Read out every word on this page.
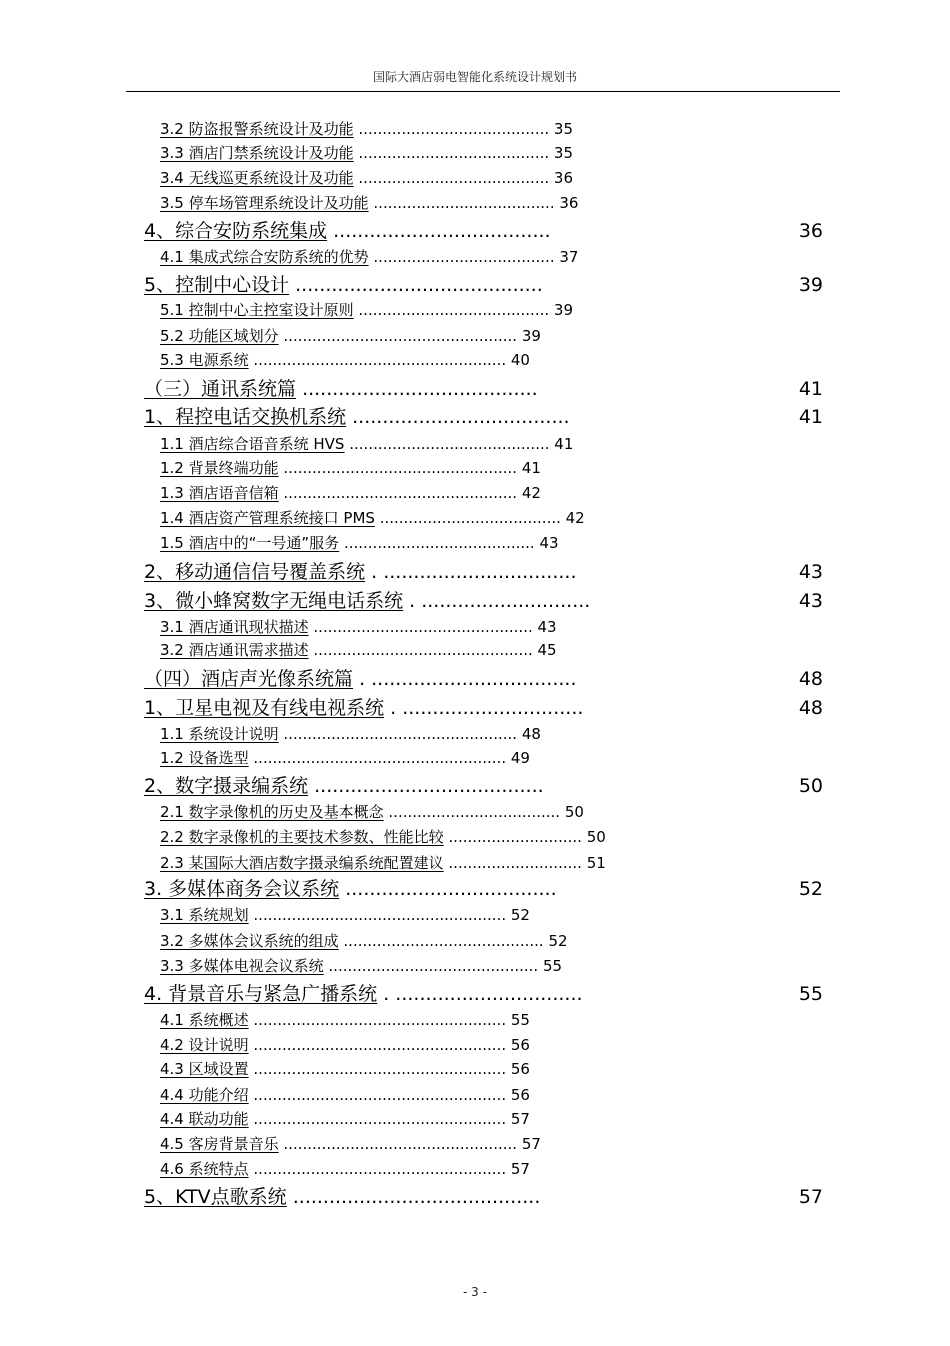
国际大酒店弱电智能化系统设计规划书
3.2 防盗报警系统设计及功能 ........................................ 35
3.3 酒店门禁系统设计及功能 ........................................ 35
3.4 无线巡更系统设计及功能 ........................................ 36
3.5 停车场管理系统设计及功能 ...................................... 36
4、综合安防系统集成 ....................................	36
4.1 集成式综合安防系统的优势 ...................................... 37
5、控制中心设计 .........................................	39
5.1 控制中心主控室设计原则 ........................................ 39
5.2 功能区域划分 ................................................. 39
5.3 电源系统 ..................................................... 40
（三）通讯系统篇 .......................................	41
1、程控电话交换机系统 ....................................	41
1.1 酒店综合语音系统 HVS .......................................... 41
1.2 背景终端功能 ................................................. 41
1.3 酒店语音信箱 ................................................. 42
1.4 酒店资产管理系统接口 PMS ...................................... 42
1.5 酒店中的“一号通”服务 ........................................ 43
2、移动通信信号覆盖系统 . ................................	43
3、微小蜂窝数字无绳电话系统 . ............................	43
3.1 酒店通讯现状描述 .............................................. 43
3.2 酒店通讯需求描述 .............................................. 45
（四）酒店声光像系统篇 . ..................................	48
1、卫星电视及有线电视系统 . ..............................	48
1.1 系统设计说明 ................................................. 48
1.2 设备选型 ..................................................... 49
2、数字摄录编系统 ......................................	50
2.1 数字录像机的历史及基本概念 .................................... 50
2.2 数字录像机的主要技术参数、性能比较 ............................ 50
2.3 某国际大酒店数字摄录编系统配置建议 ............................ 51
3. 多媒体商务会议系统 ...................................	52
3.1 系统规划 ..................................................... 52
3.2 多媒体会议系统的组成 .......................................... 52
3.3 多媒体电视会议系统 ............................................ 55
4. 背景音乐与紧急广播系统 . ...............................	55
4.1 系统概述 ..................................................... 55
4.2 设计说明 ..................................................... 56
4.3 区域设置 ..................................................... 56
4.4 功能介绍 ..................................................... 56
4.4 联动功能 ..................................................... 57
4.5 客房背景音乐 ................................................. 57
4.6 系统特点 ..................................................... 57
5、KTV点歌系统 .........................................	57
- 3 -
